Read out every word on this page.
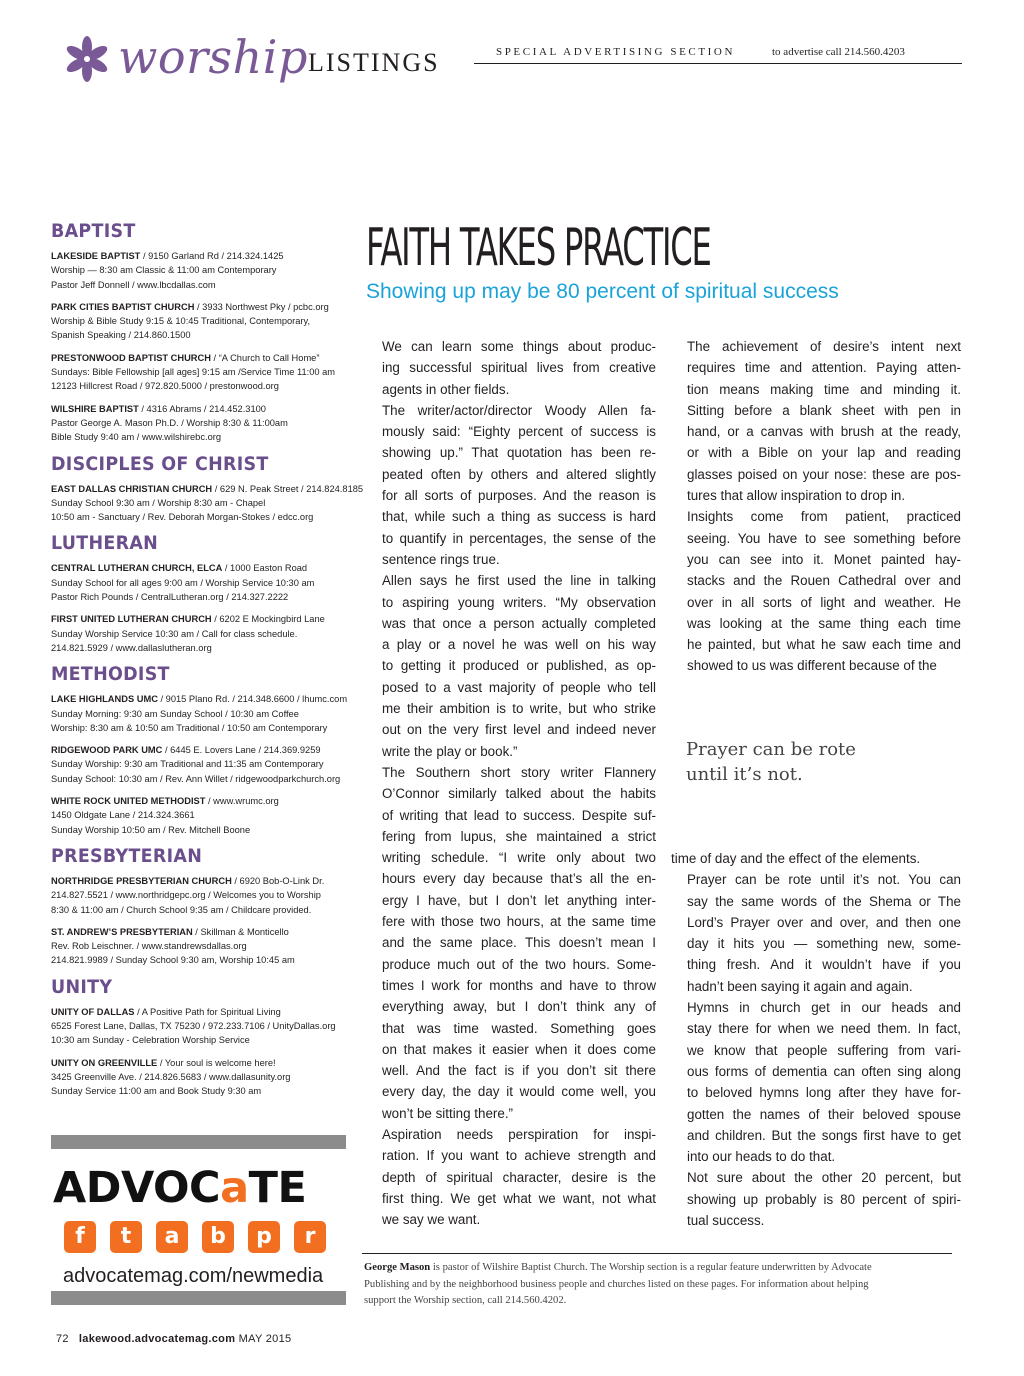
worship LISTINGS	SPECIAL ADVERTISING SECTION	to advertise call 214.560.4203
BAPTIST
LAKESIDE BAPTIST / 9150 Garland Rd / 214.324.1425
Worship — 8:30 am Classic & 11:00 am Contemporary
Pastor Jeff Donnell / www.lbcdallas.com
PARK CITIES BAPTIST CHURCH / 3933 Northwest Pky / pcbc.org
Worship & Bible Study 9:15 & 10:45 Traditional, Contemporary,
Spanish Speaking / 214.860.1500
PRESTONWOOD BAPTIST CHURCH / “A Church to Call Home”
Sundays: Bible Fellowship [all ages] 9:15 am /Service Time 11:00 am
12123 Hillcrest Road / 972.820.5000 / prestonwood.org
WILSHIRE BAPTIST / 4316 Abrams / 214.452.3100
Pastor George A. Mason Ph.D. / Worship 8:30 & 11:00am
Bible Study 9:40 am / www.wilshirebc.org
DISCIPLES OF CHRIST
EAST DALLAS CHRISTIAN CHURCH / 629 N. Peak Street / 214.824.8185
Sunday School 9:30 am / Worship 8:30 am - Chapel
10:50 am - Sanctuary / Rev. Deborah Morgan-Stokes / edcc.org
LUTHERAN
CENTRAL LUTHERAN CHURCH, ELCA / 1000 Easton Road
Sunday School for all ages 9:00 am / Worship Service 10:30 am
Pastor Rich Pounds / CentralLutheran.org / 214.327.2222
FIRST UNITED LUTHERAN CHURCH / 6202 E Mockingbird Lane
Sunday Worship Service 10:30 am / Call for class schedule.
214.821.5929 / www.dallaslutheran.org
METHODIST
LAKE HIGHLANDS UMC / 9015 Plano Rd. / 214.348.6600 / lhumc.com
Sunday Morning: 9:30 am Sunday School / 10:30 am Coffee
Worship: 8:30 am & 10:50 am Traditional / 10:50 am Contemporary
RIDGEWOOD PARK UMC / 6445 E. Lovers Lane / 214.369.9259
Sunday Worship: 9:30 am Traditional and 11:35 am Contemporary
Sunday School: 10:30 am / Rev. Ann Willet / ridgewoodparkchurch.org
WHITE ROCK UNITED METHODIST / www.wrumc.org
1450 Oldgate Lane / 214.324.3661
Sunday Worship 10:50 am / Rev. Mitchell Boone
PRESBYTERIAN
NORTHRIDGE PRESBYTERIAN CHURCH / 6920 Bob-O-Link Dr.
214.827.5521 / www.northridgepc.org / Welcomes you to Worship
8:30 & 11:00 am / Church School 9:35 am / Childcare provided.
ST. ANDREW’S PRESBYTERIAN / Skillman & Monticello
Rev. Rob Leischner. / www.standrewsdallas.org
214.821.9989 / Sunday School 9:30 am, Worship 10:45 am
UNITY
UNITY OF DALLAS / A Positive Path for Spiritual Living
6525 Forest Lane, Dallas, TX 75230 / 972.233.7106 / UnityDallas.org
10:30 am Sunday - Celebration Worship Service
UNITY ON GREENVILLE / Your soul is welcome here!
3425 Greenville Ave. / 214.826.5683 / www.dallasunity.org
Sunday Service 11:00 am and Book Study 9:30 am
ADVOCaTE
f	t	a	b	p	r
advocatemag.com/newmedia
72 lakewood.advocatemag.com MAY 2015
FAITH TAKES PRACTICE
Showing up may be 80 percent of spiritual success

We can learn some things about produc-
ing successful spiritual lives from creative
agents in other fields.

The writer/actor/director Woody Allen fa-
mously said: “Eighty percent of success is
showing up.” That quotation has been re-
peated often by others and altered slightly
for all sorts of purposes. And the reason is
that, while such a thing as success is hard
to quantify in percentages, the sense of the
sentence rings true.

Allen says he first used the line in talking
to aspiring young writers. “My observation
was that once a person actually completed
a play or a novel he was well on his way
to getting it produced or published, as op-
posed to a vast majority of people who tell
me their ambition is to write, but who strike
out on the very first level and indeed never
write the play or book.”

The Southern short story writer Flannery
O’Connor similarly talked about the habits
of writing that lead to success. Despite suf-
fering from lupus, she maintained a strict
writing schedule. “I write only about two
hours every day because that’s all the en-
ergy I have, but I don’t let anything inter-
fere with those two hours, at the same time
and the same place. This doesn’t mean I
produce much out of the two hours. Some-
times I work for months and have to throw
everything away, but I don’t think any of
that was time wasted. Something goes
on that makes it easier when it does come
well. And the fact is if you don’t sit there
every day, the day it would come well, you
won’t be sitting there.”

Aspiration needs perspiration for inspi-
ration. If you want to achieve strength and
depth of spiritual character, desire is the
first thing. We get what we want, not what
we say we want.

The achievement of desire’s intent next
requires time and attention. Paying atten-
tion means making time and minding it.
Sitting before a blank sheet with pen in
hand, or a canvas with brush at the ready,
or with a Bible on your lap and reading
glasses poised on your nose: these are pos-
tures that allow inspiration to drop in.

Insights come from patient, practiced
seeing. You have to see something before
you can see into it. Monet painted hay-
stacks and the Rouen Cathedral over and
over in all sorts of light and weather. He
was looking at the same thing each time
he painted, but what he saw each time and
showed to us was different because of the

Prayer can be rote
until it’s not.

time of day and the effect of the elements.

Prayer can be rote until it’s not. You can
say the same words of the Shema or The
Lord’s Prayer over and over, and then one
day it hits you — something new, some-
thing fresh. And it wouldn’t have if you
hadn’t been saying it again and again.

Hymns in church get in our heads and
stay there for when we need them. In fact,
we know that people suffering from vari-
ous forms of dementia can often sing along
to beloved hymns long after they have for-
gotten the names of their beloved spouse
and children. But the songs first have to get
into our heads to do that.

Not sure about the other 20 percent, but
showing up probably is 80 percent of spiri-
tual success.

George Mason is pastor of Wilshire Baptist Church. The Worship section is a regular feature underwritten by Advocate
Publishing and by the neighborhood business people and churches listed on these pages. For information about helping
support the Worship section, call 214.560.4202.
